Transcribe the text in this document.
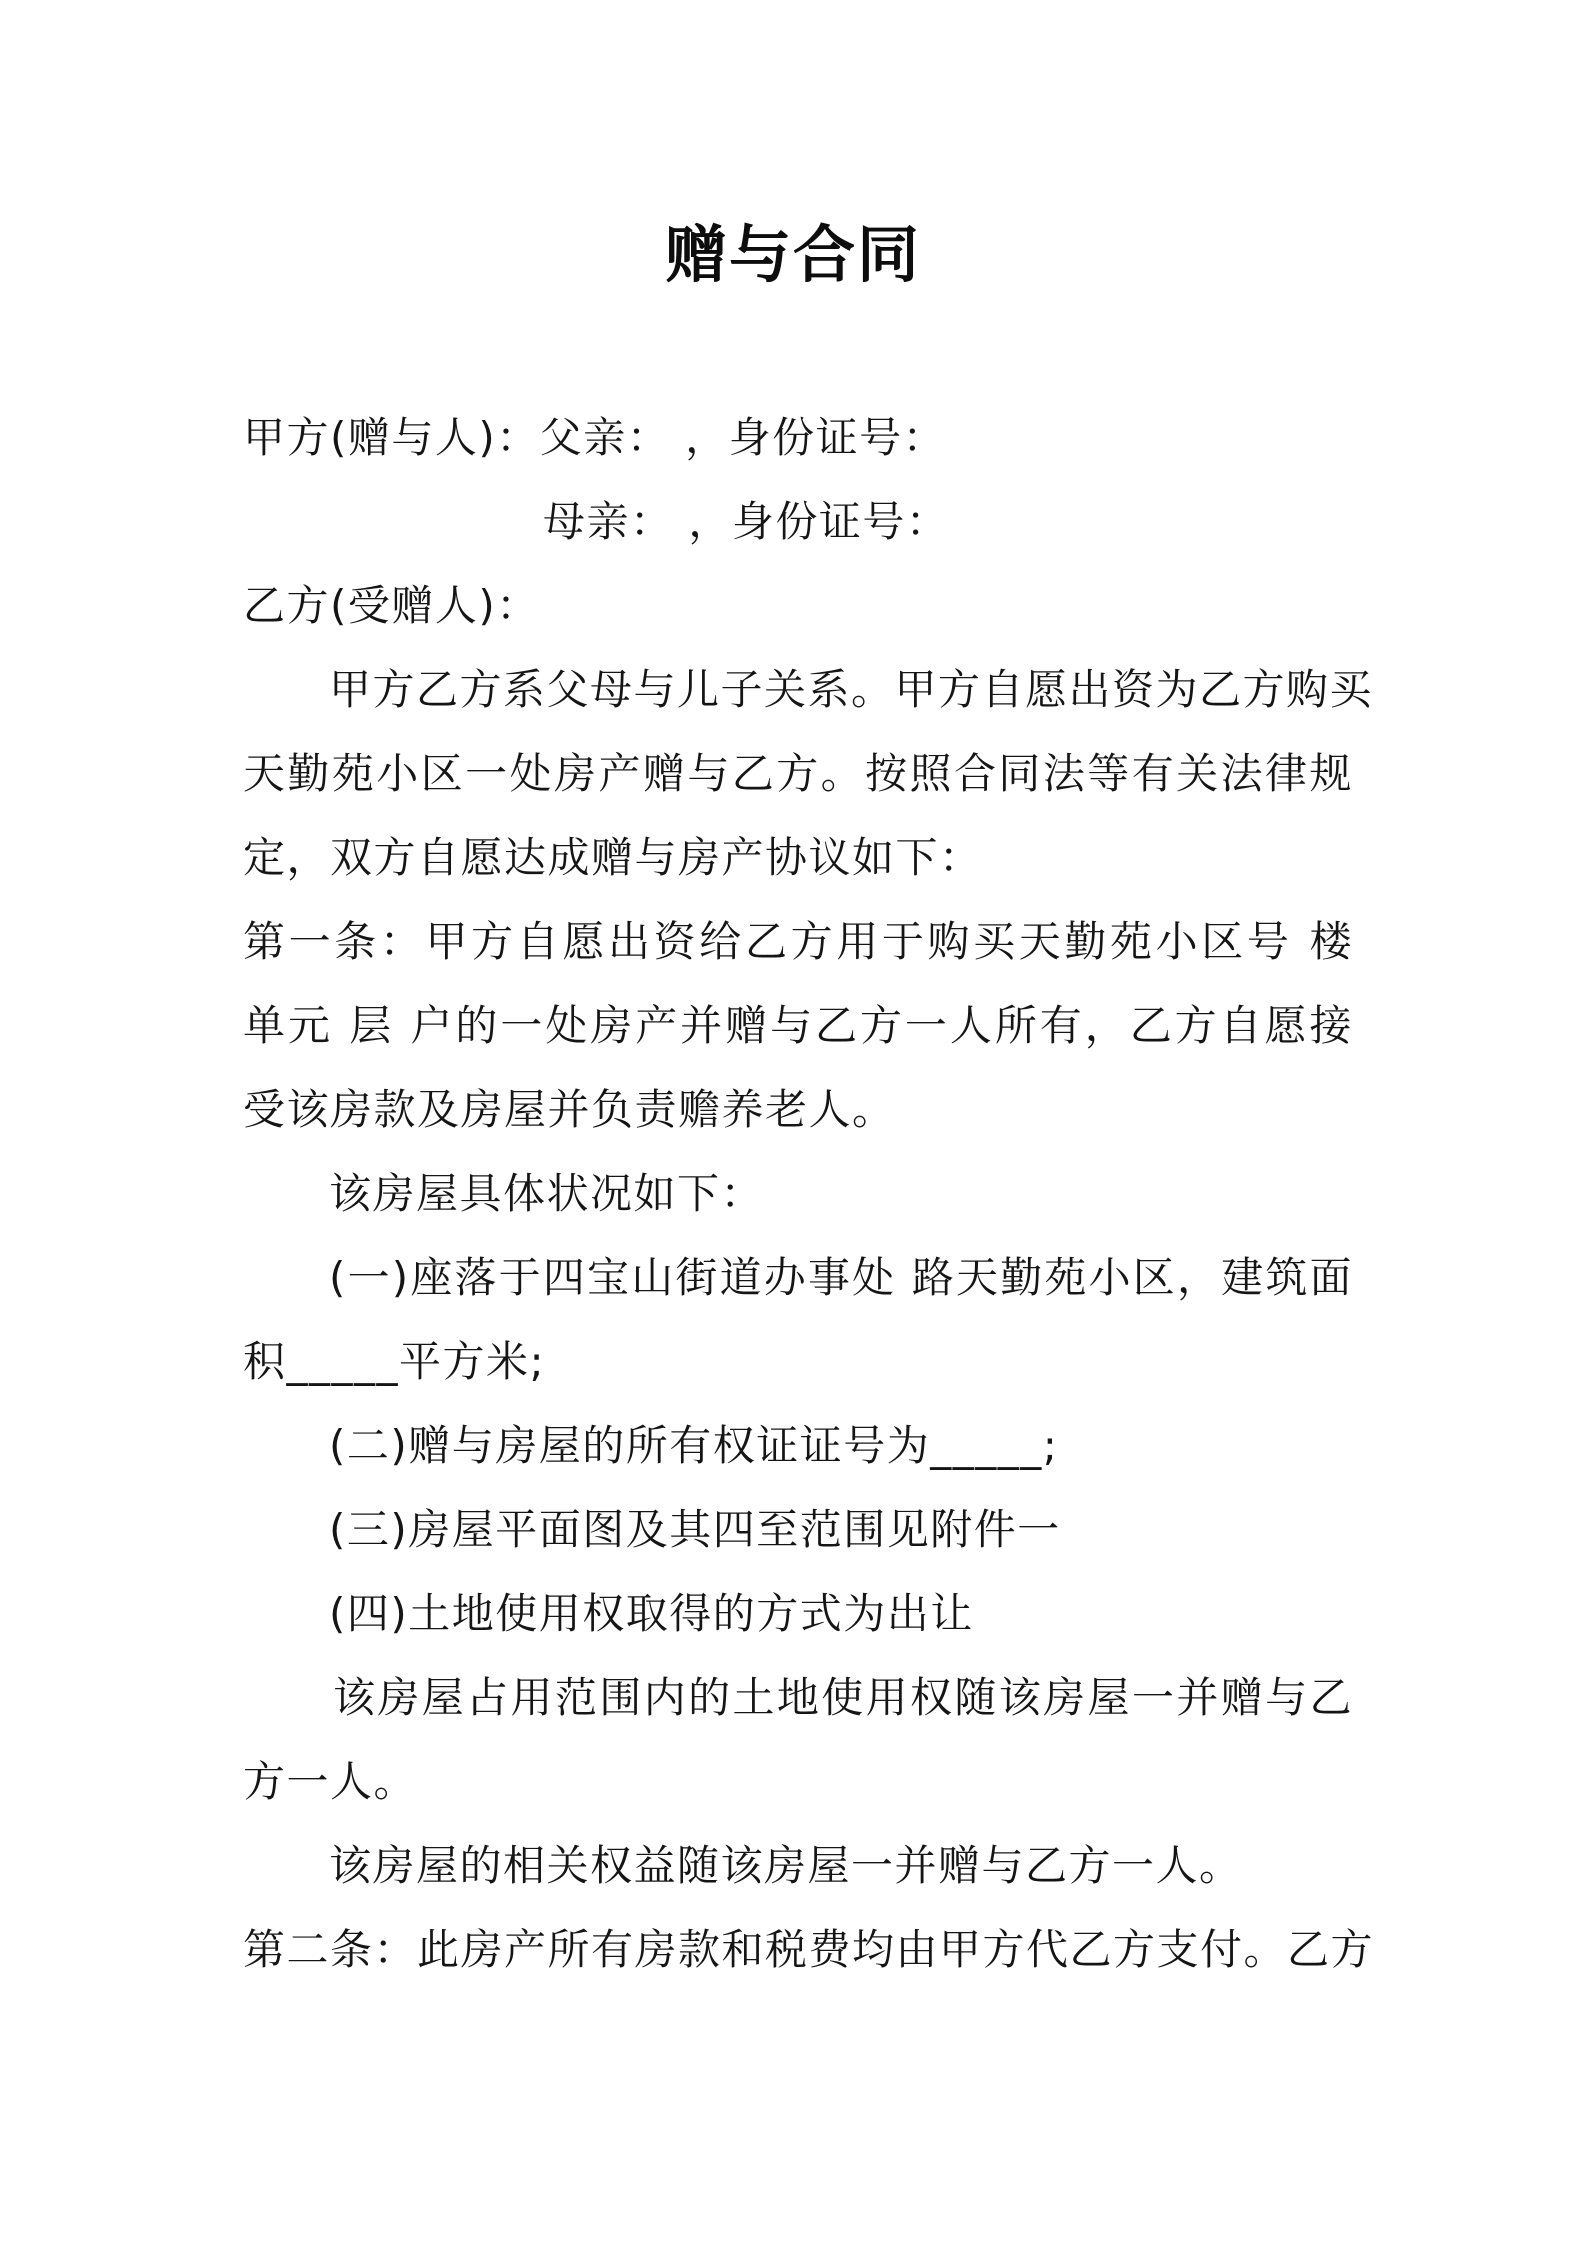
赠与合同
甲方(赠与人)：父亲： ，身份证号：
母亲： ，身份证号：
乙方(受赠人)：
甲方乙方系父母与儿子关系。甲方自愿出资为乙方购买
天勤苑小区一处房产赠与乙方。按照合同法等有关法律规
定，双方自愿达成赠与房产协议如下：
第一条：甲方自愿出资给乙方用于购买天勤苑小区号 楼
单元 层 户的一处房产并赠与乙方一人所有，乙方自愿接
受该房款及房屋并负责赡养老人。
该房屋具体状况如下：
(一)座落于四宝山街道办事处 路天勤苑小区，建筑面
积_____平方米;
(二)赠与房屋的所有权证证号为_____;
(三)房屋平面图及其四至范围见附件一
(四)土地使用权取得的方式为出让
该房屋占用范围内的土地使用权随该房屋一并赠与乙
方一人。
该房屋的相关权益随该房屋一并赠与乙方一人。
第二条：此房产所有房款和税费均由甲方代乙方支付。乙方
